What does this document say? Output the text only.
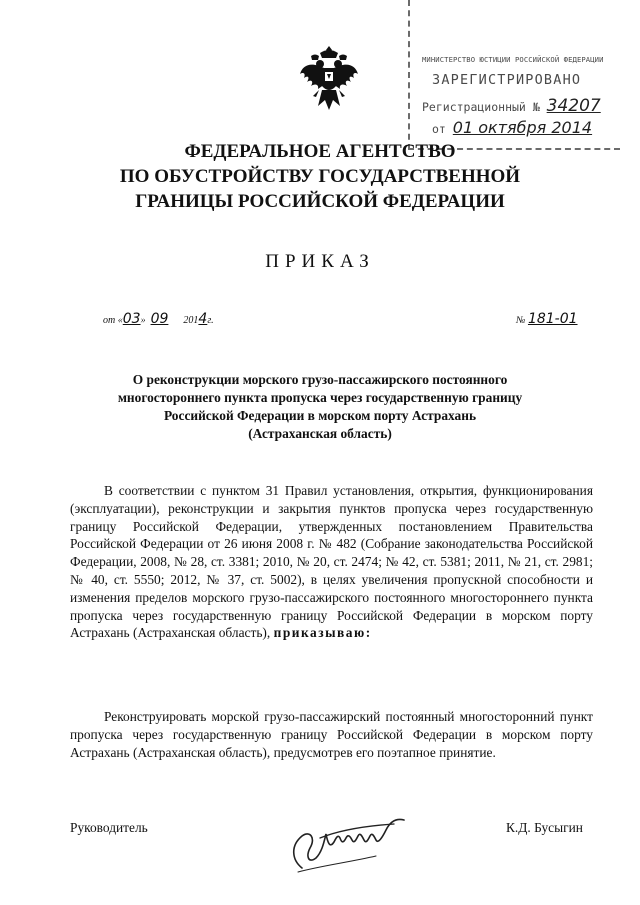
МИНИСТЕРСТВО ЮСТИЦИИ РОССИЙСКОЙ ФЕДЕРАЦИИ
ЗАРЕГИСТРИРОВАНО
Регистрационный № 34207
от 01 октября 2014
ФЕДЕРАЛЬНОЕ АГЕНТСТВО
ПО ОБУСТРОЙСТВУ ГОСУДАРСТВЕННОЙ
ГРАНИЦЫ РОССИЙСКОЙ ФЕДЕРАЦИИ
ПРИКАЗ
от «03» 09 2014г.	№ 181-01
О реконструкции морского грузо-пассажирского постоянного
многостороннего пункта пропуска через государственную границу
Российской Федерации в морском порту Астрахань
(Астраханская область)

В соответствии с пунктом 31 Правил установления, открытия, функционирования (эксплуатации), реконструкции и закрытия пунктов пропуска через государственную границу Российской Федерации, утвержденных постановлением Правительства Российской Федерации от 26 июня 2008 г. № 482 (Собрание законодательства Российской Федерации, 2008, № 28, ст. 3381; 2010, № 20, ст. 2474; № 42, ст. 5381; 2011, № 21, ст. 2981; № 40, ст. 5550; 2012, № 37, ст. 5002), в целях увеличения пропускной способности и изменения пределов морского грузо-пассажирского постоянного многостороннего пункта пропуска через государственную границу Российской Федерации в морском порту Астрахань (Астраханская область), приказываю:

Реконструировать морской грузо-пассажирский постоянный многосторонний пункт пропуска через государственную границу Российской Федерации в морском порту Астрахань (Астраханская область), предусмотрев его поэтапное принятие.

Руководитель	К.Д. Бусыгин
